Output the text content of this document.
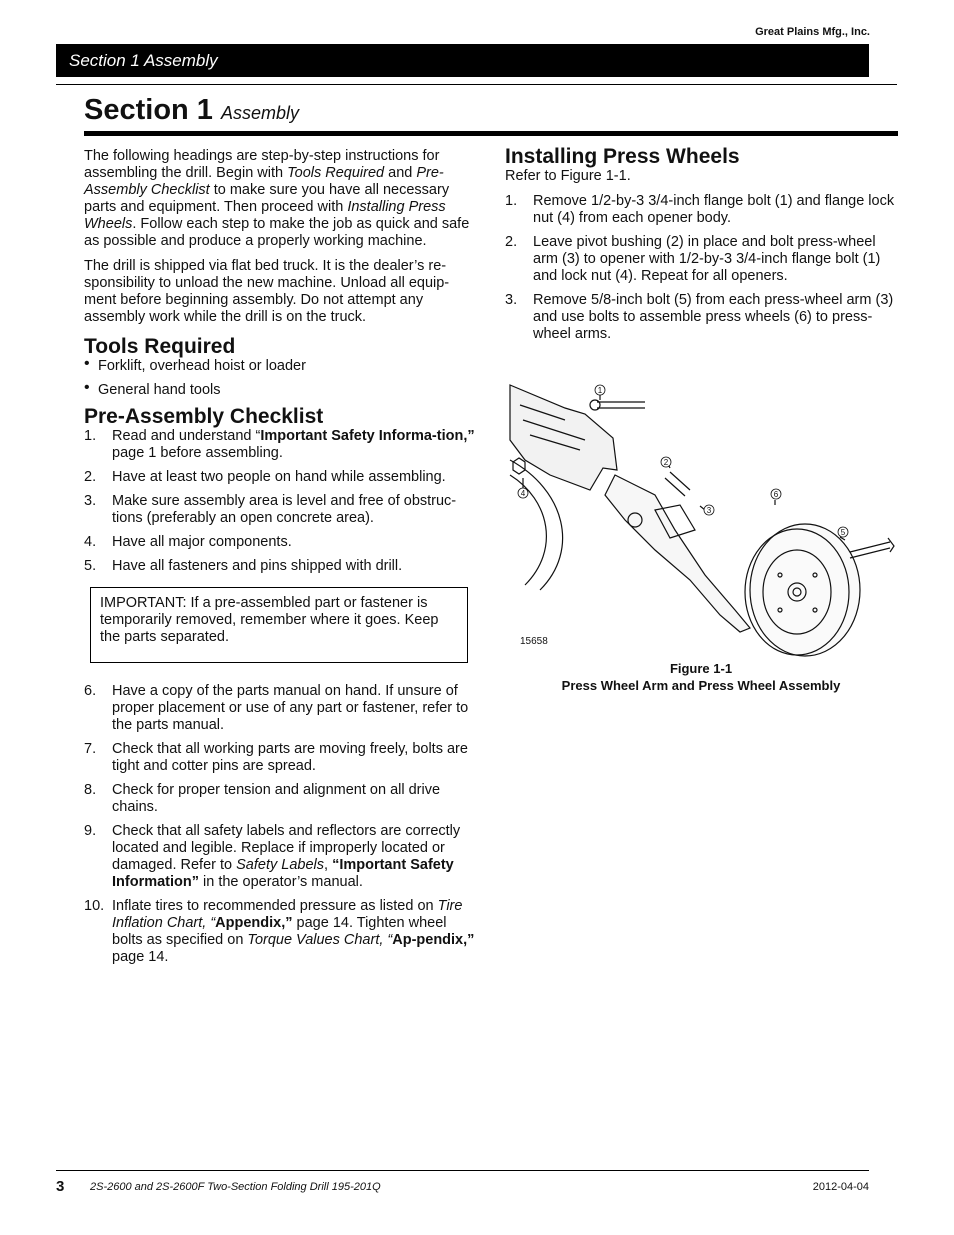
Great Plains Mfg., Inc.
Section 1 Assembly
Section 1 Assembly

The following headings are step-by-step instructions for assembling the drill. Begin with Tools Required and Pre-Assembly Checklist to make sure you have all necessary parts and equipment. Then proceed with Installing Press Wheels. Follow each step to make the job as quick and safe as possible and produce a properly working machine.

The drill is shipped via flat bed truck. It is the dealer’s re-sponsibility to unload the new machine. Unload all equip-ment before beginning assembly. Do not attempt any assembly work while the drill is on the truck.

Tools Required
• Forklift, overhead hoist or loader
• General hand tools
Pre-Assembly Checklist
1. Read and understand “Important Safety Informa-tion,” page 1 before assembling.
2. Have at least two people on hand while assembling.
3. Make sure assembly area is level and free of obstruc-tions (preferably an open concrete area).
4. Have all major components.
5. Have all fasteners and pins shipped with drill.
IMPORTANT: If a pre-assembled part or fastener is temporarily removed, remember where it goes. Keep the parts separated.
6. Have a copy of the parts manual on hand. If unsure of proper placement or use of any part or fastener, refer to the parts manual.
7. Check that all working parts are moving freely, bolts are tight and cotter pins are spread.
8. Check for proper tension and alignment on all drive chains.
9. Check that all safety labels and reflectors are correctly located and legible. Replace if improperly located or damaged. Refer to Safety Labels, “Important Safety Information” in the operator’s manual.
10. Inflate tires to recommended pressure as listed on Tire Inflation Chart, “Appendix,” page 14. Tighten wheel bolts as specified on Torque Values Chart, “Ap-pendix,” page 14.
Installing Press Wheels

Refer to Figure 1-1.

1. Remove 1/2-by-3 3/4-inch flange bolt (1) and flange lock nut (4) from each opener body.
2. Leave pivot bushing (2) in place and bolt press-wheel arm (3) to opener with 1/2-by-3 3/4-inch flange bolt (1) and lock nut (4). Repeat for all openers.
3. Remove 5/8-inch bolt (5) from each press-wheel arm (3) and use bolts to assemble press wheels (6) to press-wheel arms.
1
2
3
4
5
6
15658
Figure 1-1
Press Wheel Arm and Press Wheel Assembly
3 2S-2600 and 2S-2600F Two-Section Folding Drill 195-201Q	2012-04-04
